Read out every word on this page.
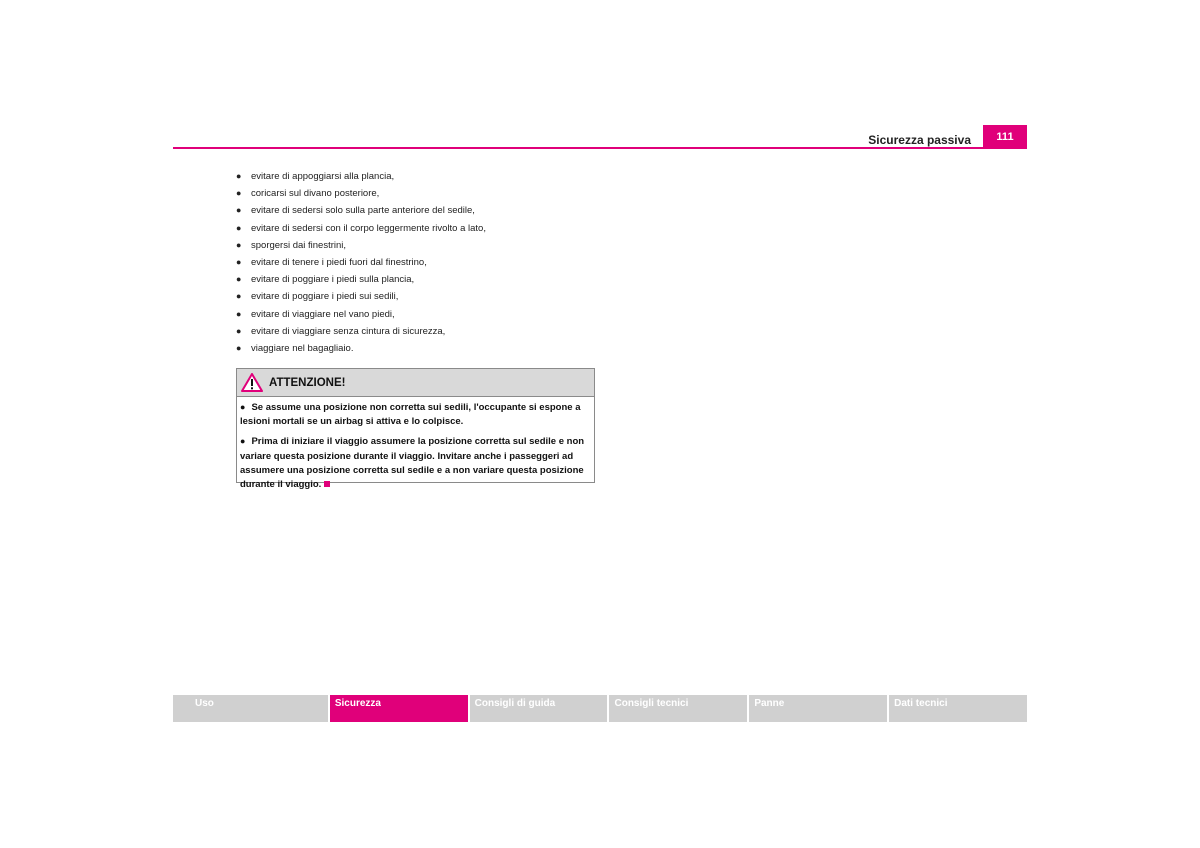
Sicurezza passiva	111
● evitare di appoggiarsi alla plancia,
● coricarsi sul divano posteriore,
● evitare di sedersi solo sulla parte anteriore del sedile,
● evitare di sedersi con il corpo leggermente rivolto a lato,
● sporgersi dai finestrini,
● evitare di tenere i piedi fuori dal finestrino,
● evitare di poggiare i piedi sulla plancia,
● evitare di poggiare i piedi sui sedili,
● evitare di viaggiare nel vano piedi,
● evitare di viaggiare senza cintura di sicurezza,
● viaggiare nel bagagliaio.
ATTENZIONE!

● Se assume una posizione non corretta sui sedili, l'occupante si espone a lesioni mortali se un airbag si attiva e lo colpisce.

● Prima di iniziare il viaggio assumere la posizione corretta sul sedile e non variare questa posizione durante il viaggio. Invitare anche i passeggeri ad assumere una posizione corretta sul sedile e a non variare questa posizione durante il viaggio.

Uso	Sicurezza	Consigli di guida	Consigli tecnici	Panne	Dati tecnici
